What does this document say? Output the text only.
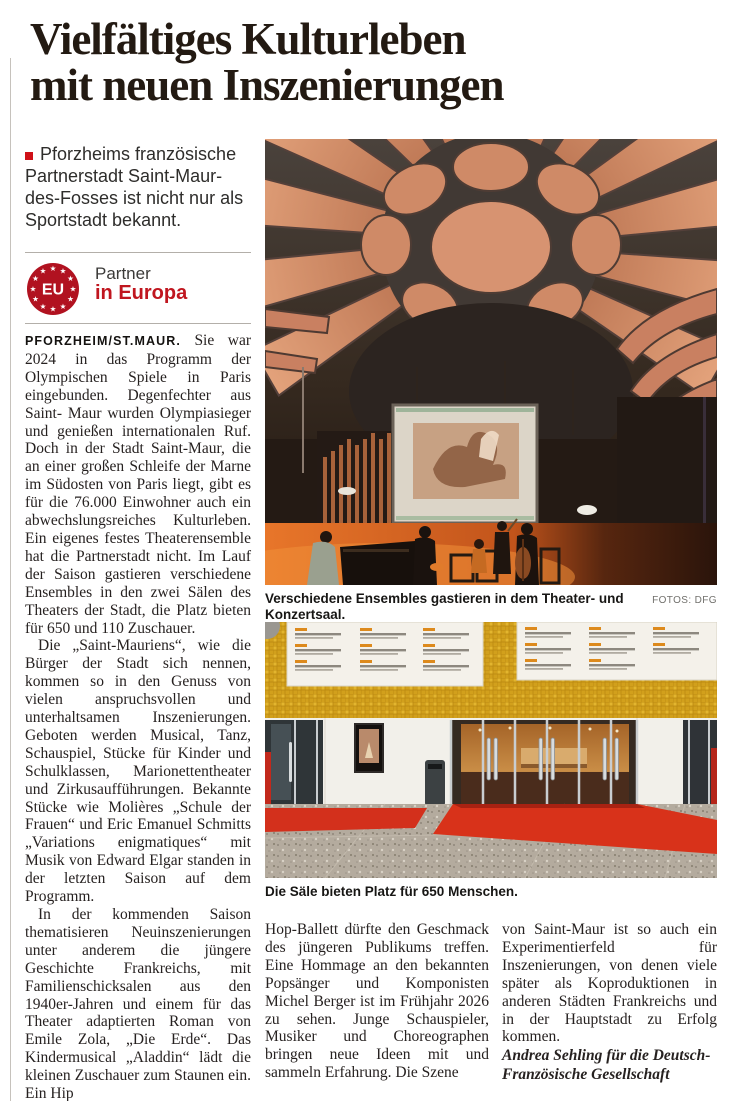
Vielfältiges Kulturleben
mit neuen Inszenierungen
Pforzheims französische Partnerstadt Saint-Maur-des-Fosses ist nicht nur als Sportstadt bekannt.
★ ★
★
★
★
★
★
★
★
★
★
★
EU
Partner
in Europa

PFORZHEIM/ST.MAUR. Sie war 2024 in das Programm der Olympischen Spiele in Paris eingebunden. Degenfechter aus Saint- Maur wurden Olympiasieger und genießen internationalen Ruf. Doch in der Stadt Saint-Maur, die an einer großen Schleife der Marne im Südosten von Paris liegt, gibt es für die 76.000 Einwohner auch ein abwechslungsreiches Kulturleben. Ein eigenes festes Theaterensemble hat die Partnerstadt nicht. Im Lauf der Saison gastieren verschiedene Ensembles in den zwei Sälen des Theaters der Stadt, die Platz bieten für 650 und 110 Zuschauer.

Die „Saint-Mauriens“, wie die Bürger der Stadt sich nennen, kommen so in den Genuss von vielen anspruchsvollen und unterhaltsamen Inszenierungen. Geboten werden Musical, Tanz, Schauspiel, Stücke für Kinder und Schulklassen, Marionettentheater und Zirkusaufführungen. Bekannte Stücke wie Molières „Schule der Frauen“ und Eric Emanuel Schmitts „Variations enigmatiques“ mit Musik von Edward Elgar standen in der letzten Saison auf dem Programm.

In der kommenden Saison thematisieren Neuinszenierungen unter anderem die jüngere Geschichte Frankreichs, mit Familienschicksalen aus den 1940er-Jahren und einem für das Theater adaptierten Roman von Emile Zola, „Die Erde“. Das Kindermusical „Aladdin“ lädt die kleinen Zuschauer zum Staunen ein. Ein Hip

Verschiedene Ensembles gastieren in dem Theater- und Konzertsaal.
FOTOS: DFG
Die Säle bieten Platz für 650 Menschen.

Hop-Ballett dürfte den Geschmack des jüngeren Publikums treffen. Eine Hommage an den bekannten Popsänger und Komponisten Michel Berger ist im Frühjahr 2026 zu sehen. Junge Schauspieler, Musiker und Choreographen bringen neue Ideen mit und sammeln Erfahrung. Die Szene

von Saint-Maur ist so auch ein Experimentierfeld für Inszenierungen, von denen viele später als Koproduktionen in anderen Städten Frankreichs und in der Hauptstadt zu Erfolg kommen.

Andrea Sehling für die Deutsch-Französische Gesellschaft
